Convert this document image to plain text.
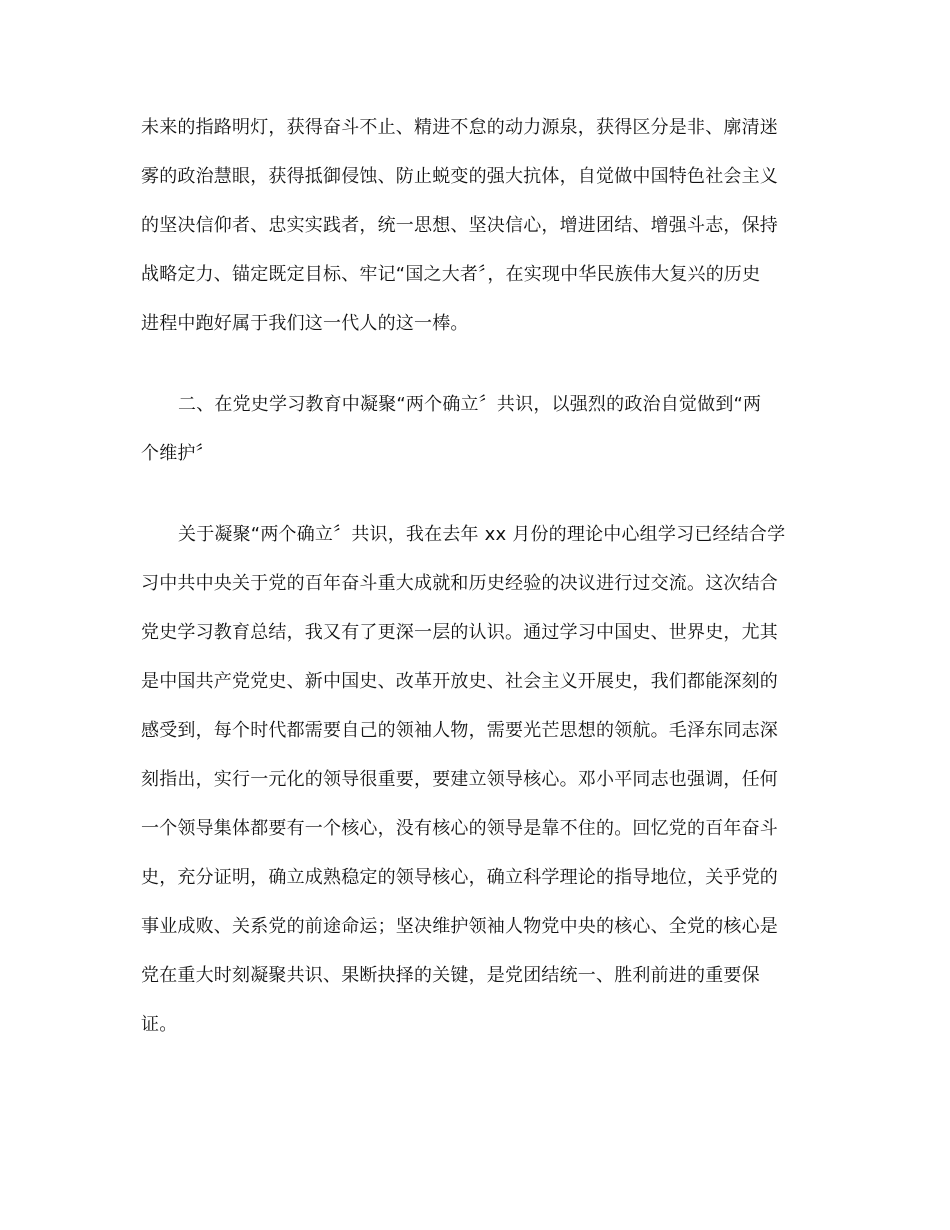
未来的指路明灯，获得奋斗不止、精进不怠的动力源泉，获得区分是非、廓清迷
雾的政治慧眼，获得抵御侵蚀、防止蜕变的强大抗体，自觉做中国特色社会主义
的坚决信仰者、忠实实践者，统一思想、坚决信心，增进团结、增强斗志，保持
战略定力、锚定既定目标、牢记“国之大者〞，在实现中华民族伟大复兴的历史
进程中跑好属于我们这一代人的这一棒。
二、在党史学习教育中凝聚“两个确立〞共识，以强烈的政治自觉做到“两
个维护〞
关于凝聚“两个确立〞共识，我在去年 xx 月份的理论中心组学习已经结合学
习中共中央关于党的百年奋斗重大成就和历史经验的决议进行过交流。这次结合
党史学习教育总结，我又有了更深一层的认识。通过学习中国史、世界史，尤其
是中国共产党党史、新中国史、改革开放史、社会主义开展史，我们都能深刻的
感受到，每个时代都需要自己的领袖人物，需要光芒思想的领航。毛泽东同志深
刻指出，实行一元化的领导很重要，要建立领导核心。邓小平同志也强调，任何
一个领导集体都要有一个核心，没有核心的领导是靠不住的。回忆党的百年奋斗
史，充分证明，确立成熟稳定的领导核心，确立科学理论的指导地位，关乎党的
事业成败、关系党的前途命运；坚决维护领袖人物党中央的核心、全党的核心是
党在重大时刻凝聚共识、果断抉择的关键，是党团结统一、胜利前进的重要保
证。
